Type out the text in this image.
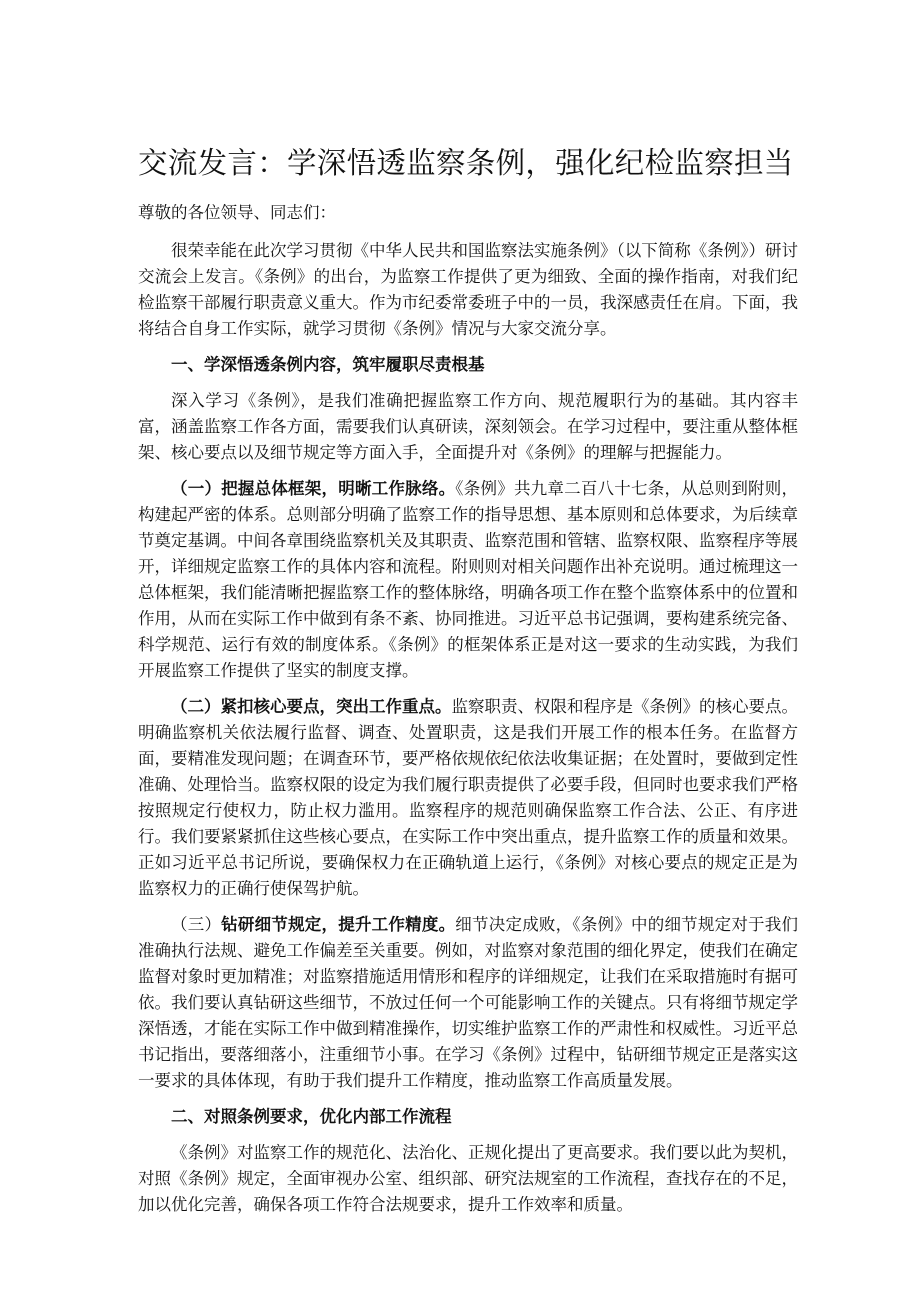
交流发言：学深悟透监察条例，强化纪检监察担当
尊敬的各位领导、同志们：

很荣幸能在此次学习贯彻《中华人民共和国监察法实施条例》（以下简称《条例》）研讨交流会上发言。《条例》的出台，为监察工作提供了更为细致、全面的操作指南，对我们纪检监察干部履行职责意义重大。作为市纪委常委班子中的一员，我深感责任在肩。下面，我将结合自身工作实际，就学习贯彻《条例》情况与大家交流分享。

一、学深悟透条例内容，筑牢履职尽责根基

深入学习《条例》，是我们准确把握监察工作方向、规范履职行为的基础。其内容丰富，涵盖监察工作各方面，需要我们认真研读，深刻领会。在学习过程中，要注重从整体框架、核心要点以及细节规定等方面入手，全面提升对《条例》的理解与把握能力。

（一）把握总体框架，明晰工作脉络。《条例》共九章二百八十七条，从总则到附则，构建起严密的体系。总则部分明确了监察工作的指导思想、基本原则和总体要求，为后续章节奠定基调。中间各章围绕监察机关及其职责、监察范围和管辖、监察权限、监察程序等展开，详细规定监察工作的具体内容和流程。附则则对相关问题作出补充说明。通过梳理这一总体框架，我们能清晰把握监察工作的整体脉络，明确各项工作在整个监察体系中的位置和作用，从而在实际工作中做到有条不紊、协同推进。习近平总书记强调，要构建系统完备、科学规范、运行有效的制度体系。《条例》的框架体系正是对这一要求的生动实践，为我们开展监察工作提供了坚实的制度支撑。

（二）紧扣核心要点，突出工作重点。监察职责、权限和程序是《条例》的核心要点。明确监察机关依法履行监督、调查、处置职责，这是我们开展工作的根本任务。在监督方面，要精准发现问题；在调查环节，要严格依规依纪依法收集证据；在处置时，要做到定性准确、处理恰当。监察权限的设定为我们履行职责提供了必要手段，但同时也要求我们严格按照规定行使权力，防止权力滥用。监察程序的规范则确保监察工作合法、公正、有序进行。我们要紧紧抓住这些核心要点，在实际工作中突出重点，提升监察工作的质量和效果。正如习近平总书记所说，要确保权力在正确轨道上运行，《条例》对核心要点的规定正是为监察权力的正确行使保驾护航。

（三）钻研细节规定，提升工作精度。细节决定成败，《条例》中的细节规定对于我们准确执行法规、避免工作偏差至关重要。例如，对监察对象范围的细化界定，使我们在确定监督对象时更加精准；对监察措施适用情形和程序的详细规定，让我们在采取措施时有据可依。我们要认真钻研这些细节，不放过任何一个可能影响工作的关键点。只有将细节规定学深悟透，才能在实际工作中做到精准操作，切实维护监察工作的严肃性和权威性。习近平总书记指出，要落细落小，注重细节小事。在学习《条例》过程中，钻研细节规定正是落实这一要求的具体体现，有助于我们提升工作精度，推动监察工作高质量发展。

二、对照条例要求，优化内部工作流程

《条例》对监察工作的规范化、法治化、正规化提出了更高要求。我们要以此为契机，对照《条例》规定，全面审视办公室、组织部、研究法规室的工作流程，查找存在的不足，加以优化完善，确保各项工作符合法规要求，提升工作效率和质量。
